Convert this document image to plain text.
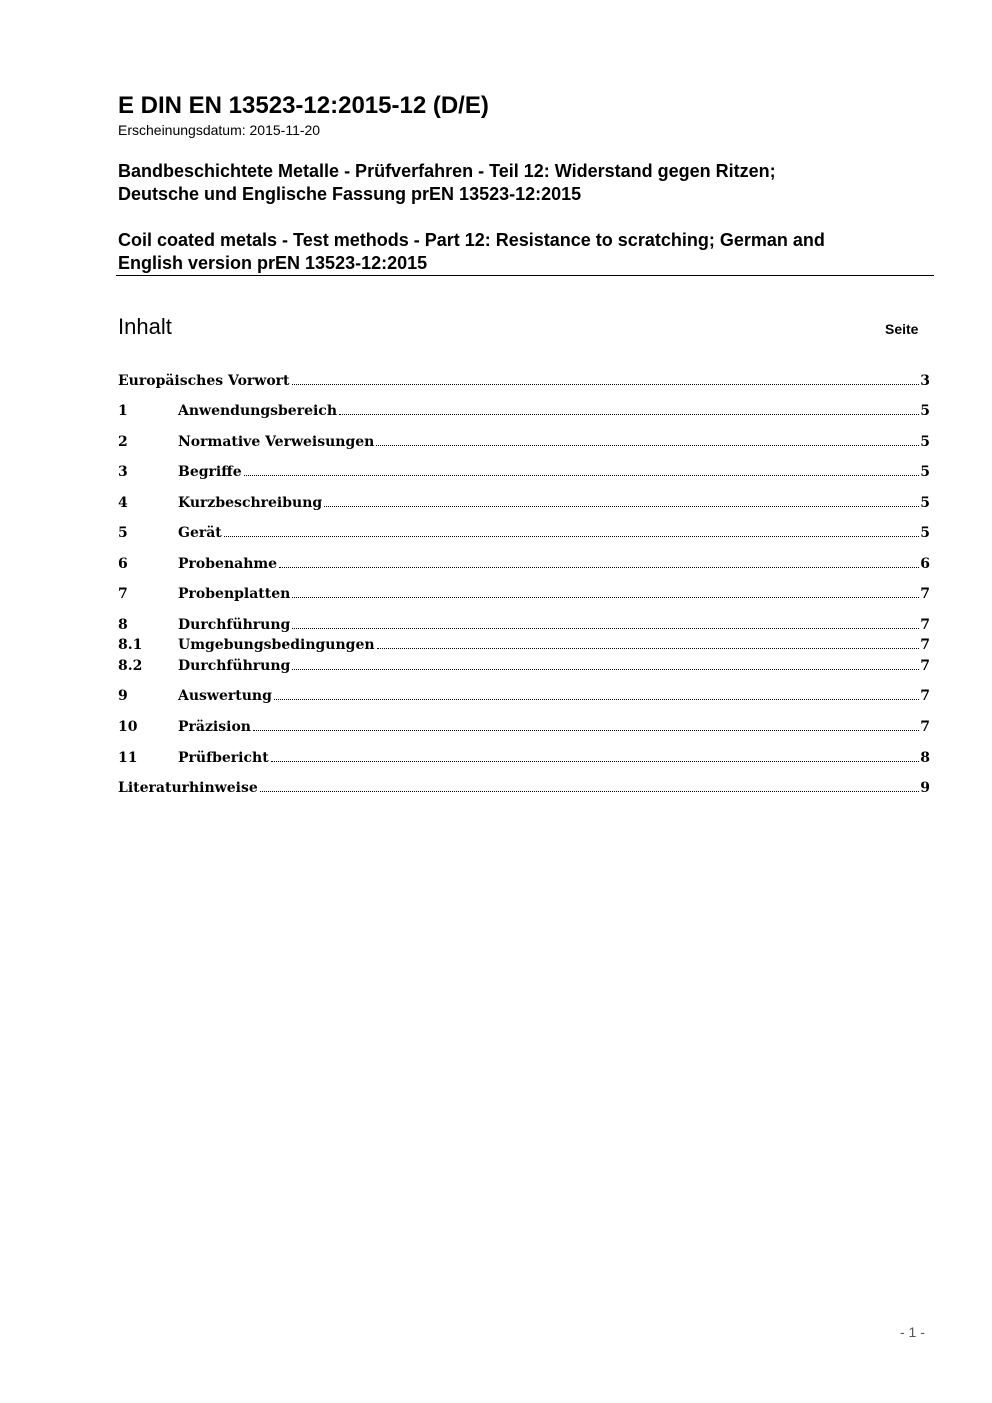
E DIN EN 13523-12:2015-12 (D/E)
Erscheinungsdatum: 2015-11-20
Bandbeschichtete Metalle - Prüfverfahren - Teil 12: Widerstand gegen Ritzen;
Deutsche und Englische Fassung prEN 13523-12:2015
Coil coated metals - Test methods - Part 12: Resistance to scratching; German and
English version prEN 13523-12:2015
Inhalt	Seite
Europäisches Vorwort	3
1	Anwendungsbereich	5
2	Normative Verweisungen	5
3	Begriffe	5
4	Kurzbeschreibung	5
5	Gerät	5
6	Probenahme	6
7	Probenplatten	7
8	Durchführung	7
8.1	Umgebungsbedingungen	7
8.2	Durchführung	7
9	Auswertung	7
10	Präzision	7
11	Prüfbericht	8
Literaturhinweise	9
- 1 -
